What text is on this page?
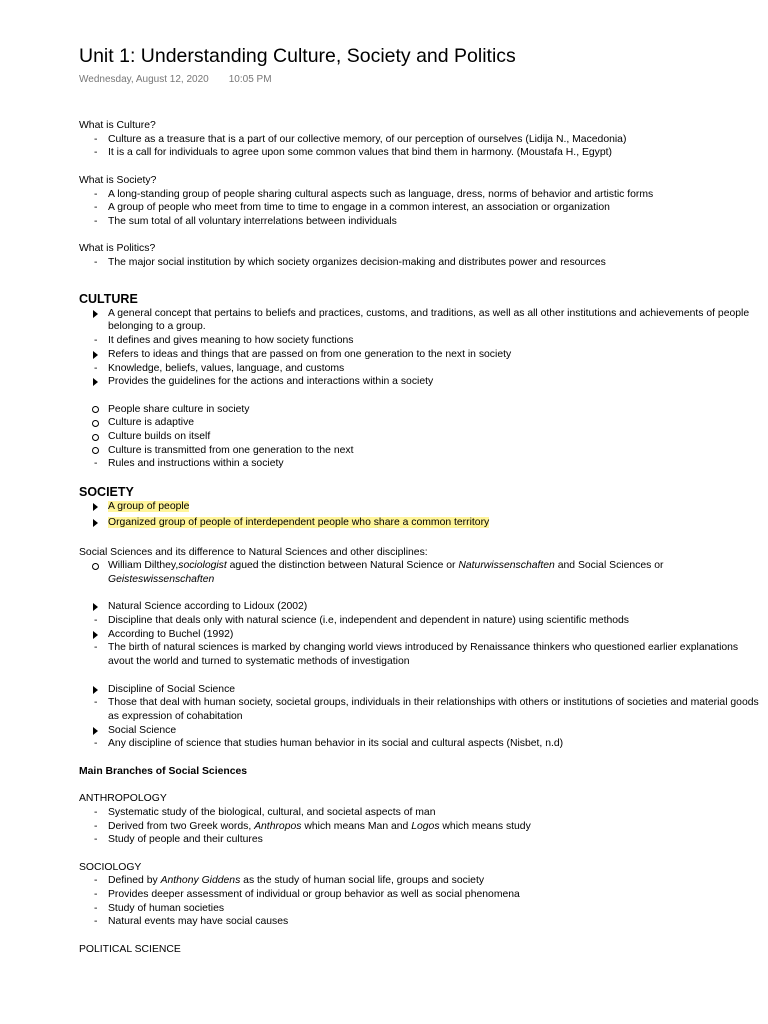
Unit 1: Understanding Culture, Society and Politics
Wednesday, August 12, 2020 10:05 PM
What is Culture?
Culture as a treasure that is a part of our collective memory, of our perception of ourselves (Lidija N., Macedonia)
It is a call for individuals to agree upon some common values that bind them in harmony. (Moustafa H., Egypt)
What is Society?
A long-standing group of people sharing cultural aspects such as language, dress, norms of behavior and artistic forms
A group of people who meet from time to time to engage in a common interest, an association or organization
The sum total of all voluntary interrelations between individuals
What is Politics?
The major social institution by which society organizes decision-making and distributes power and resources
CULTURE
A general concept that pertains to beliefs and practices, customs, and traditions, as well as all other institutions and achievements of people belonging to a group.
It defines and gives meaning to how society functions
Refers to ideas and things that are passed on from one generation to the next in society
Knowledge, beliefs, values, language, and customs
Provides the guidelines for the actions and interactions within a society
People share culture in society
Culture is adaptive
Culture builds on itself
Culture is transmitted from one generation to the next
Rules and instructions within a society
SOCIETY
A group of people
Organized group of people of interdependent people who share a common territory
Social Sciences and its difference to Natural Sciences and other disciplines:
William Dilthey,sociologist agued the distinction between Natural Science or Naturwissenschaften and Social Sciences or
Geisteswissenschaften
Natural Science according to Lidoux (2002)
Discipline that deals only with natural science (i.e, independent and dependent in nature) using scientific methods
According to Buchel (1992)
The birth of natural sciences is marked by changing world views introduced by Renaissance thinkers who questioned earlier explanations avout the world and turned to systematic methods of investigation
Discipline of Social Science
Those that deal with human society, societal groups, individuals in their relationships with others or institutions of societies and material goods as expression of cohabitation
Social Science
Any discipline of science that studies human behavior in its social and cultural aspects (Nisbet, n.d)
Main Branches of Social Sciences
ANTHROPOLOGY
Systematic study of the biological, cultural, and societal aspects of man
Derived from two Greek words, Anthropos which means Man and Logos which means study
Study of people and their cultures
SOCIOLOGY
Defined by Anthony Giddens as the study of human social life, groups and society
Provides deeper assessment of individual or group behavior as well as social phenomena
Study of human societies
Natural events may have social causes
POLITICAL SCIENCE
